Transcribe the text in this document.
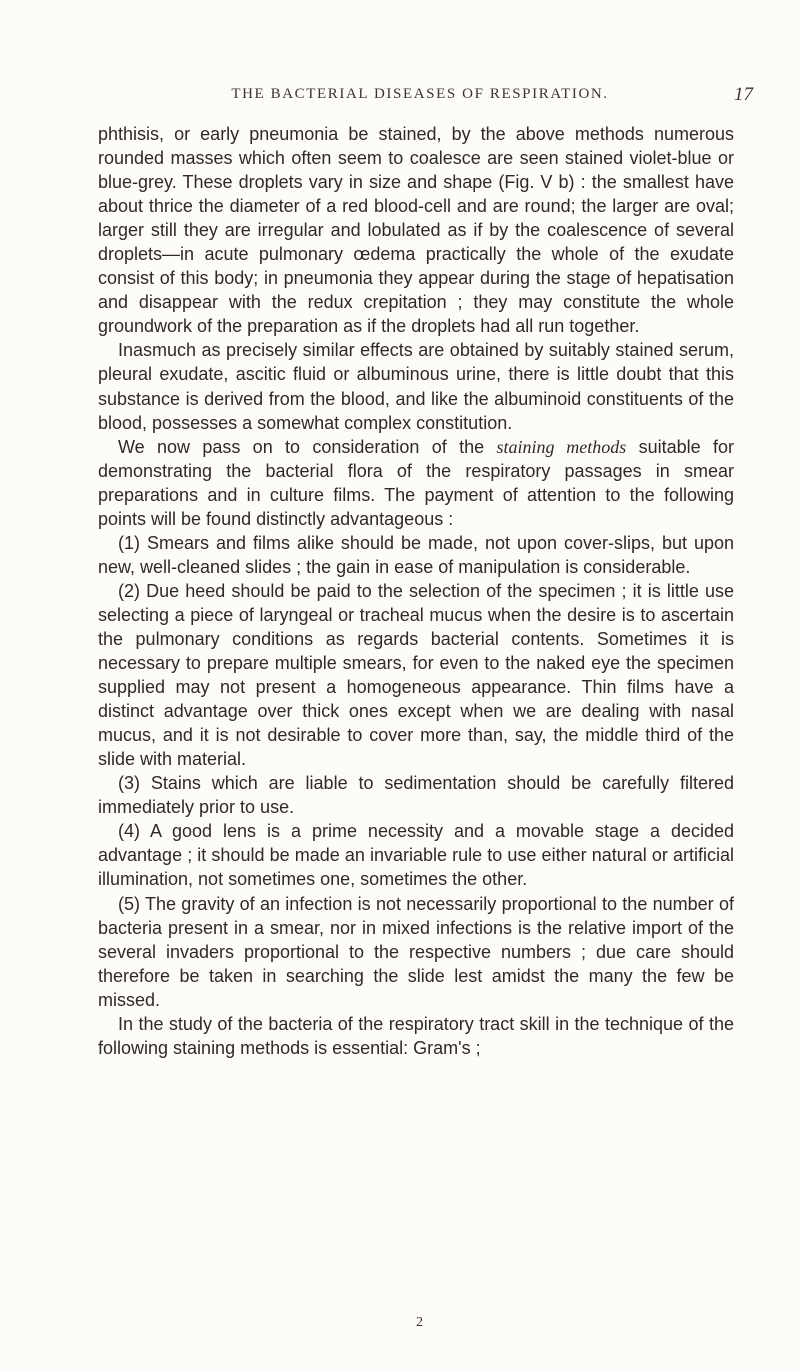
THE BACTERIAL DISEASES OF RESPIRATION.	17

phthisis, or early pneumonia be stained, by the above methods numerous rounded masses which often seem to coalesce are seen stained violet-blue or blue-grey. These droplets vary in size and shape (Fig. V b) : the smallest have about thrice the diameter of a red blood-cell and are round; the larger are oval; larger still they are irregular and lobulated as if by the coalescence of several droplets—in acute pulmonary œdema practically the whole of the exudate consist of this body; in pneumonia they appear during the stage of hepatisation and disappear with the redux crepitation ; they may constitute the whole groundwork of the preparation as if the droplets had all run together.

Inasmuch as precisely similar effects are obtained by suitably stained serum, pleural exudate, ascitic fluid or albuminous urine, there is little doubt that this substance is derived from the blood, and like the albuminoid constituents of the blood, possesses a somewhat complex constitution.

We now pass on to consideration of the staining methods suitable for demonstrating the bacterial flora of the respiratory passages in smear preparations and in culture films. The payment of attention to the following points will be found distinctly advantageous :

(1) Smears and films alike should be made, not upon cover-slips, but upon new, well-cleaned slides ; the gain in ease of manipulation is considerable.

(2) Due heed should be paid to the selection of the specimen ; it is little use selecting a piece of laryngeal or tracheal mucus when the desire is to ascertain the pulmonary conditions as regards bacterial contents. Sometimes it is necessary to prepare multiple smears, for even to the naked eye the specimen supplied may not present a homogeneous appearance. Thin films have a distinct advantage over thick ones except when we are dealing with nasal mucus, and it is not desirable to cover more than, say, the middle third of the slide with material.

(3) Stains which are liable to sedimentation should be carefully filtered immediately prior to use.

(4) A good lens is a prime necessity and a movable stage a decided advantage ; it should be made an invariable rule to use either natural or artificial illumination, not sometimes one, sometimes the other.

(5) The gravity of an infection is not necessarily proportional to the number of bacteria present in a smear, nor in mixed infections is the relative import of the several invaders proportional to the respective numbers ; due care should therefore be taken in searching the slide lest amidst the many the few be missed.

In the study of the bacteria of the respiratory tract skill in the technique of the following staining methods is essential: Gram's ;

2
